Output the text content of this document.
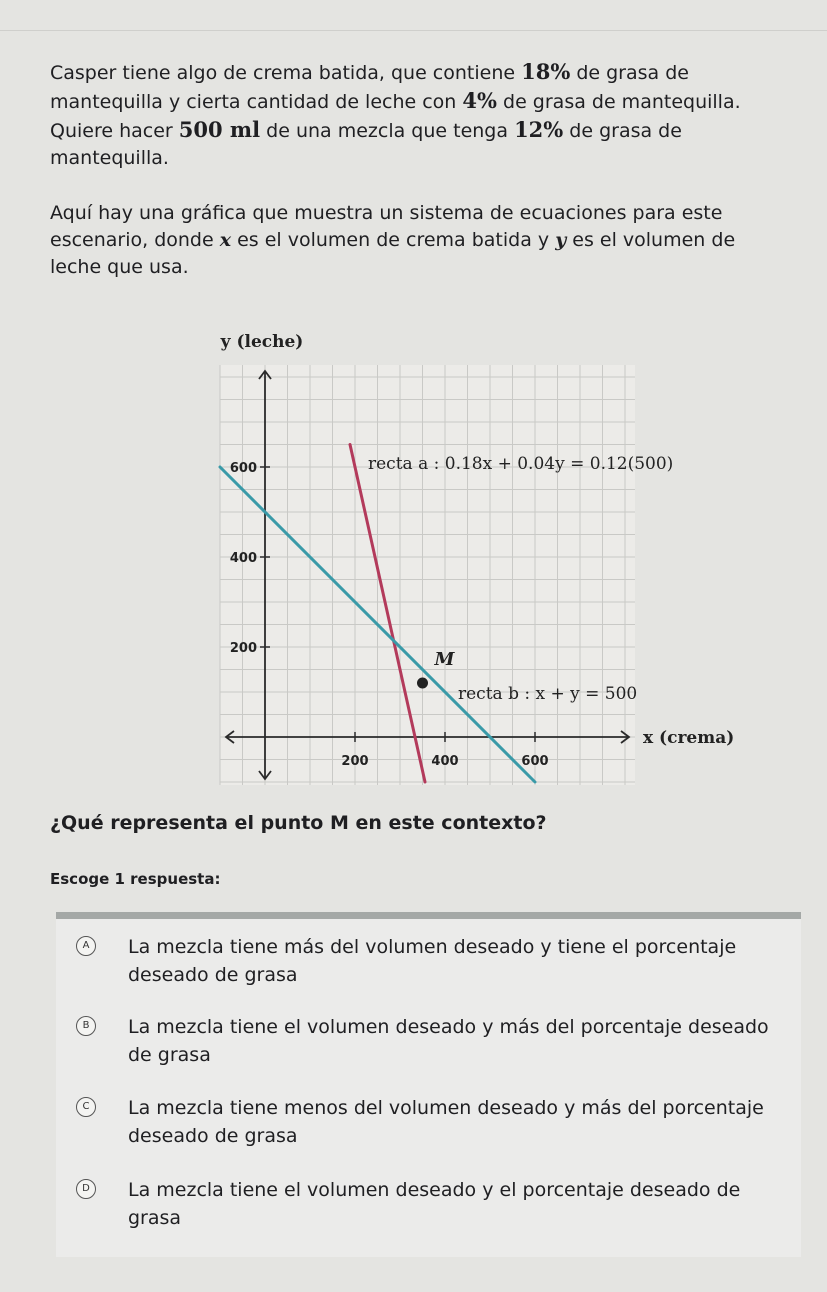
Casper tiene algo de crema batida, que contiene 18% de grasa de mantequilla y cierta cantidad de leche con 4% de grasa de mantequilla. Quiere hacer 500 ml de una mezcla que tenga 12% de grasa de mantequilla.

Aquí hay una gráfica que muestra un sistema de ecuaciones para este escenario, donde x es el volumen de crema batida y y es el volumen de leche que usa.

200	400	600
200
400
600
y (leche)
x (crema)
recta a : 0.18x + 0.04y = 0.12(500)
recta b : x + y = 500
M
¿Qué representa el punto M en este contexto?
Escoge 1 respuesta:
A	La mezcla tiene más del volumen deseado y tiene el porcentaje deseado de grasa
B	La mezcla tiene el volumen deseado y más del porcentaje deseado de grasa
C	La mezcla tiene menos del volumen deseado y más del porcentaje deseado de grasa
D	La mezcla tiene el volumen deseado y el porcentaje deseado de grasa
